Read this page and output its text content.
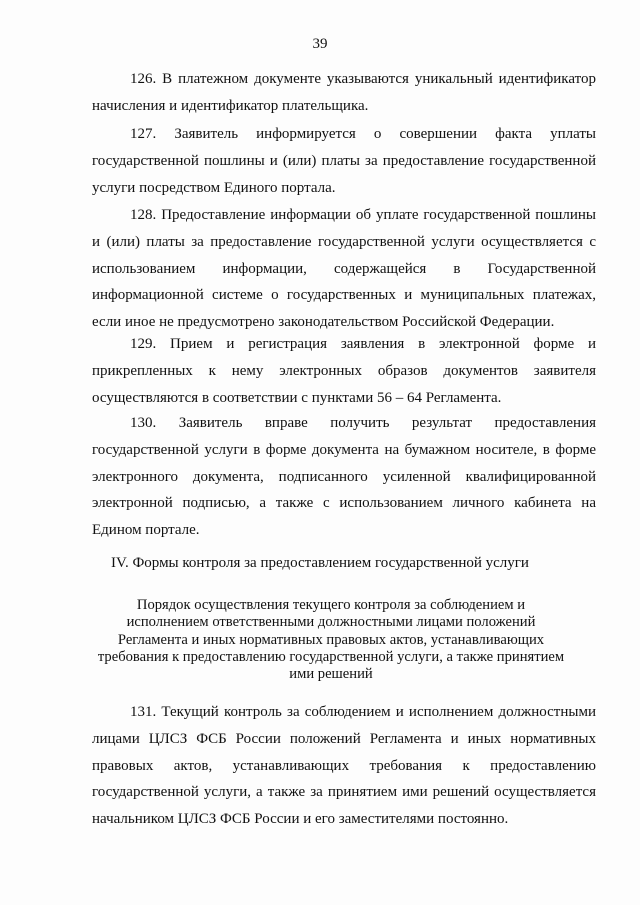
39

126. В платежном документе указываются уникальный идентификатор начисления и идентификатор плательщика.

127. Заявитель информируется о совершении факта уплаты государственной пошлины и (или) платы за предоставление государственной услуги посредством Единого портала.

128. Предоставление информации об уплате государственной пошлины и (или) платы за предоставление государственной услуги осуществляется с использованием информации, содержащейся в Государственной информационной системе о государственных и муниципальных платежах, если иное не предусмотрено законодательством Российской Федерации.

129. Прием и регистрация заявления в электронной форме и прикрепленных к нему электронных образов документов заявителя осуществляются в соответствии с пунктами 56 – 64 Регламента.

130. Заявитель вправе получить результат предоставления государственной услуги в форме документа на бумажном носителе, в форме электронного документа, подписанного усиленной квалифицированной электронной подписью, а также с использованием личного кабинета на Едином портале.

IV. Формы контроля за предоставлением государственной услуги
Порядок осуществления текущего контроля за соблюдением и исполнением ответственными должностными лицами положений Регламента и иных нормативных правовых актов, устанавливающих требования к предоставлению государственной услуги, а также принятием ими решений

131. Текущий контроль за соблюдением и исполнением должностными лицами ЦЛСЗ ФСБ России положений Регламента и иных нормативных правовых актов, устанавливающих требования к предоставлению государственной услуги, а также за принятием ими решений осуществляется начальником ЦЛСЗ ФСБ России и его заместителями постоянно.
